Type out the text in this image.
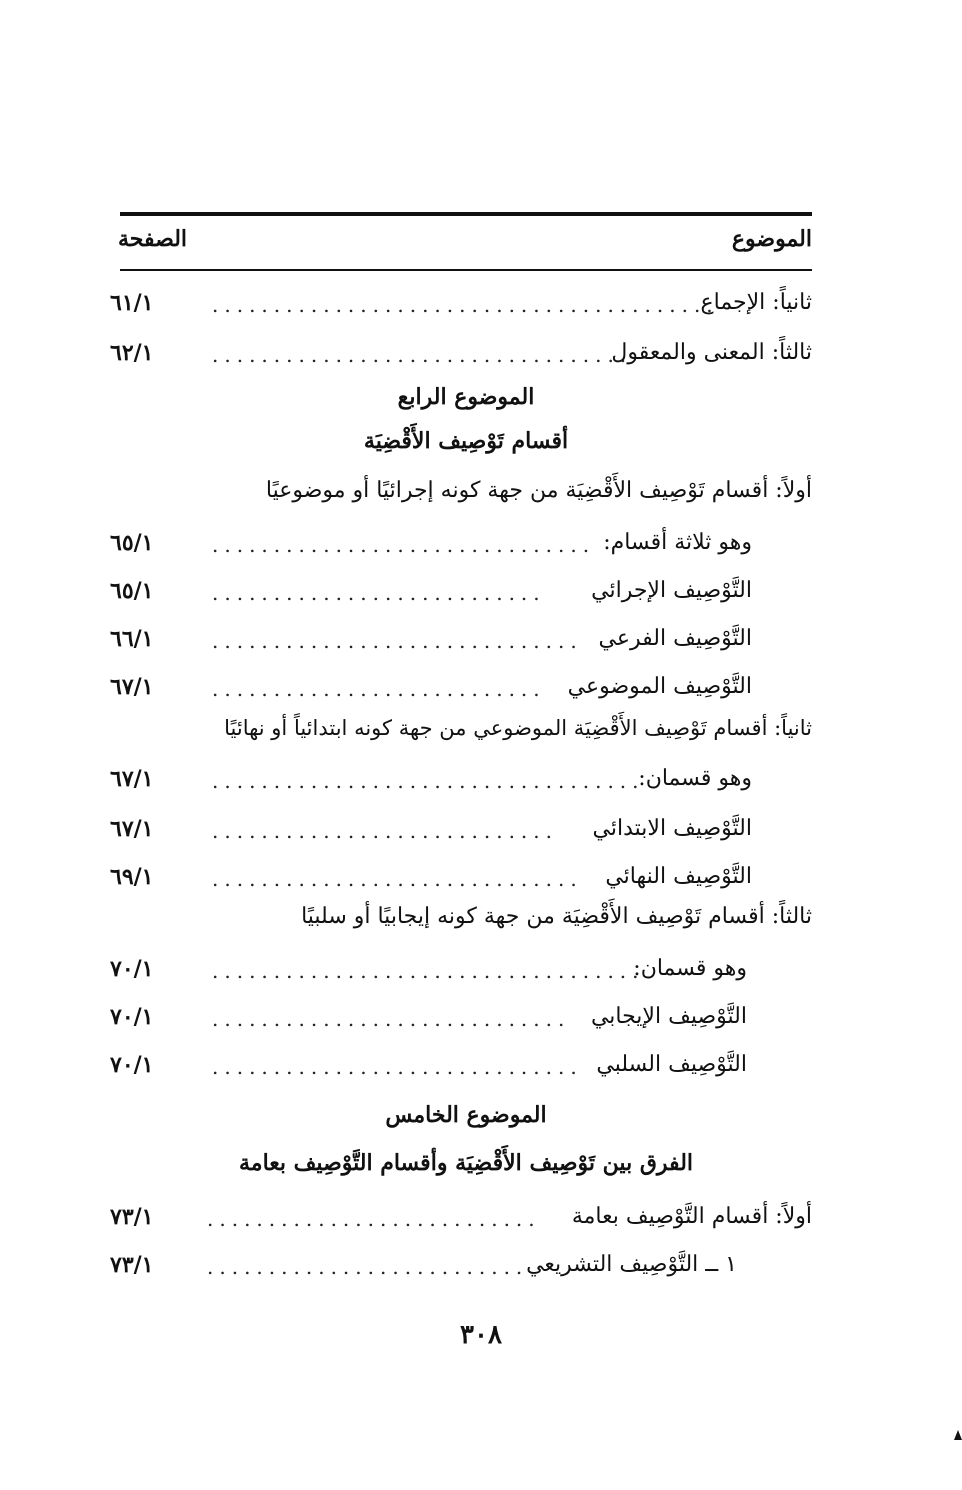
الموضوع
الصفحة
ثانياً: الإجماع
.........................................
٦١/١
ثالثاً: المعنى والمعقول
..................................
٦٢/١
الموضوع الرابع
أقسام تَوْصِيف الأَقْضِيَة
أولاً: أقسام تَوْصِيف الأَقْضِيَة من جهة كونه إجرائيًا أو موضوعيًا
وهو ثلاثة أقسام:
...............................
٦٥/١
التَّوْصِيف الإجرائي
...........................
٦٥/١
التَّوْصِيف الفرعي
..............................
٦٦/١
التَّوْصِيف الموضوعي
...........................
٦٧/١
ثانياً: أقسام تَوْصِيف الأَقْضِيَة الموضوعي من جهة كونه ابتدائياً أو نهائيًا
وهو قسمان:
...................................
٦٧/١
التَّوْصِيف الابتدائي
............................
٦٧/١
التَّوْصِيف النهائي
..............................
٦٩/١
ثالثاً: أقسام تَوْصِيف الأَقْضِيَة من جهة كونه إيجابيًا أو سلبيًا
وهو قسمان:
...................................
٧٠/١
التَّوْصِيف الإيجابي
.............................
٧٠/١
التَّوْصِيف السلبي
..............................
٧٠/١
الموضوع الخامس
الفرق بين تَوْصِيف الأَقْضِيَة وأقسام التَّوْصِيف بعامة
أولاً: أقسام التَّوْصِيف بعامة
...........................
٧٣/١
١ ــ التَّوْصِيف التشريعي
..........................
٧٣/١
٣٠٨
